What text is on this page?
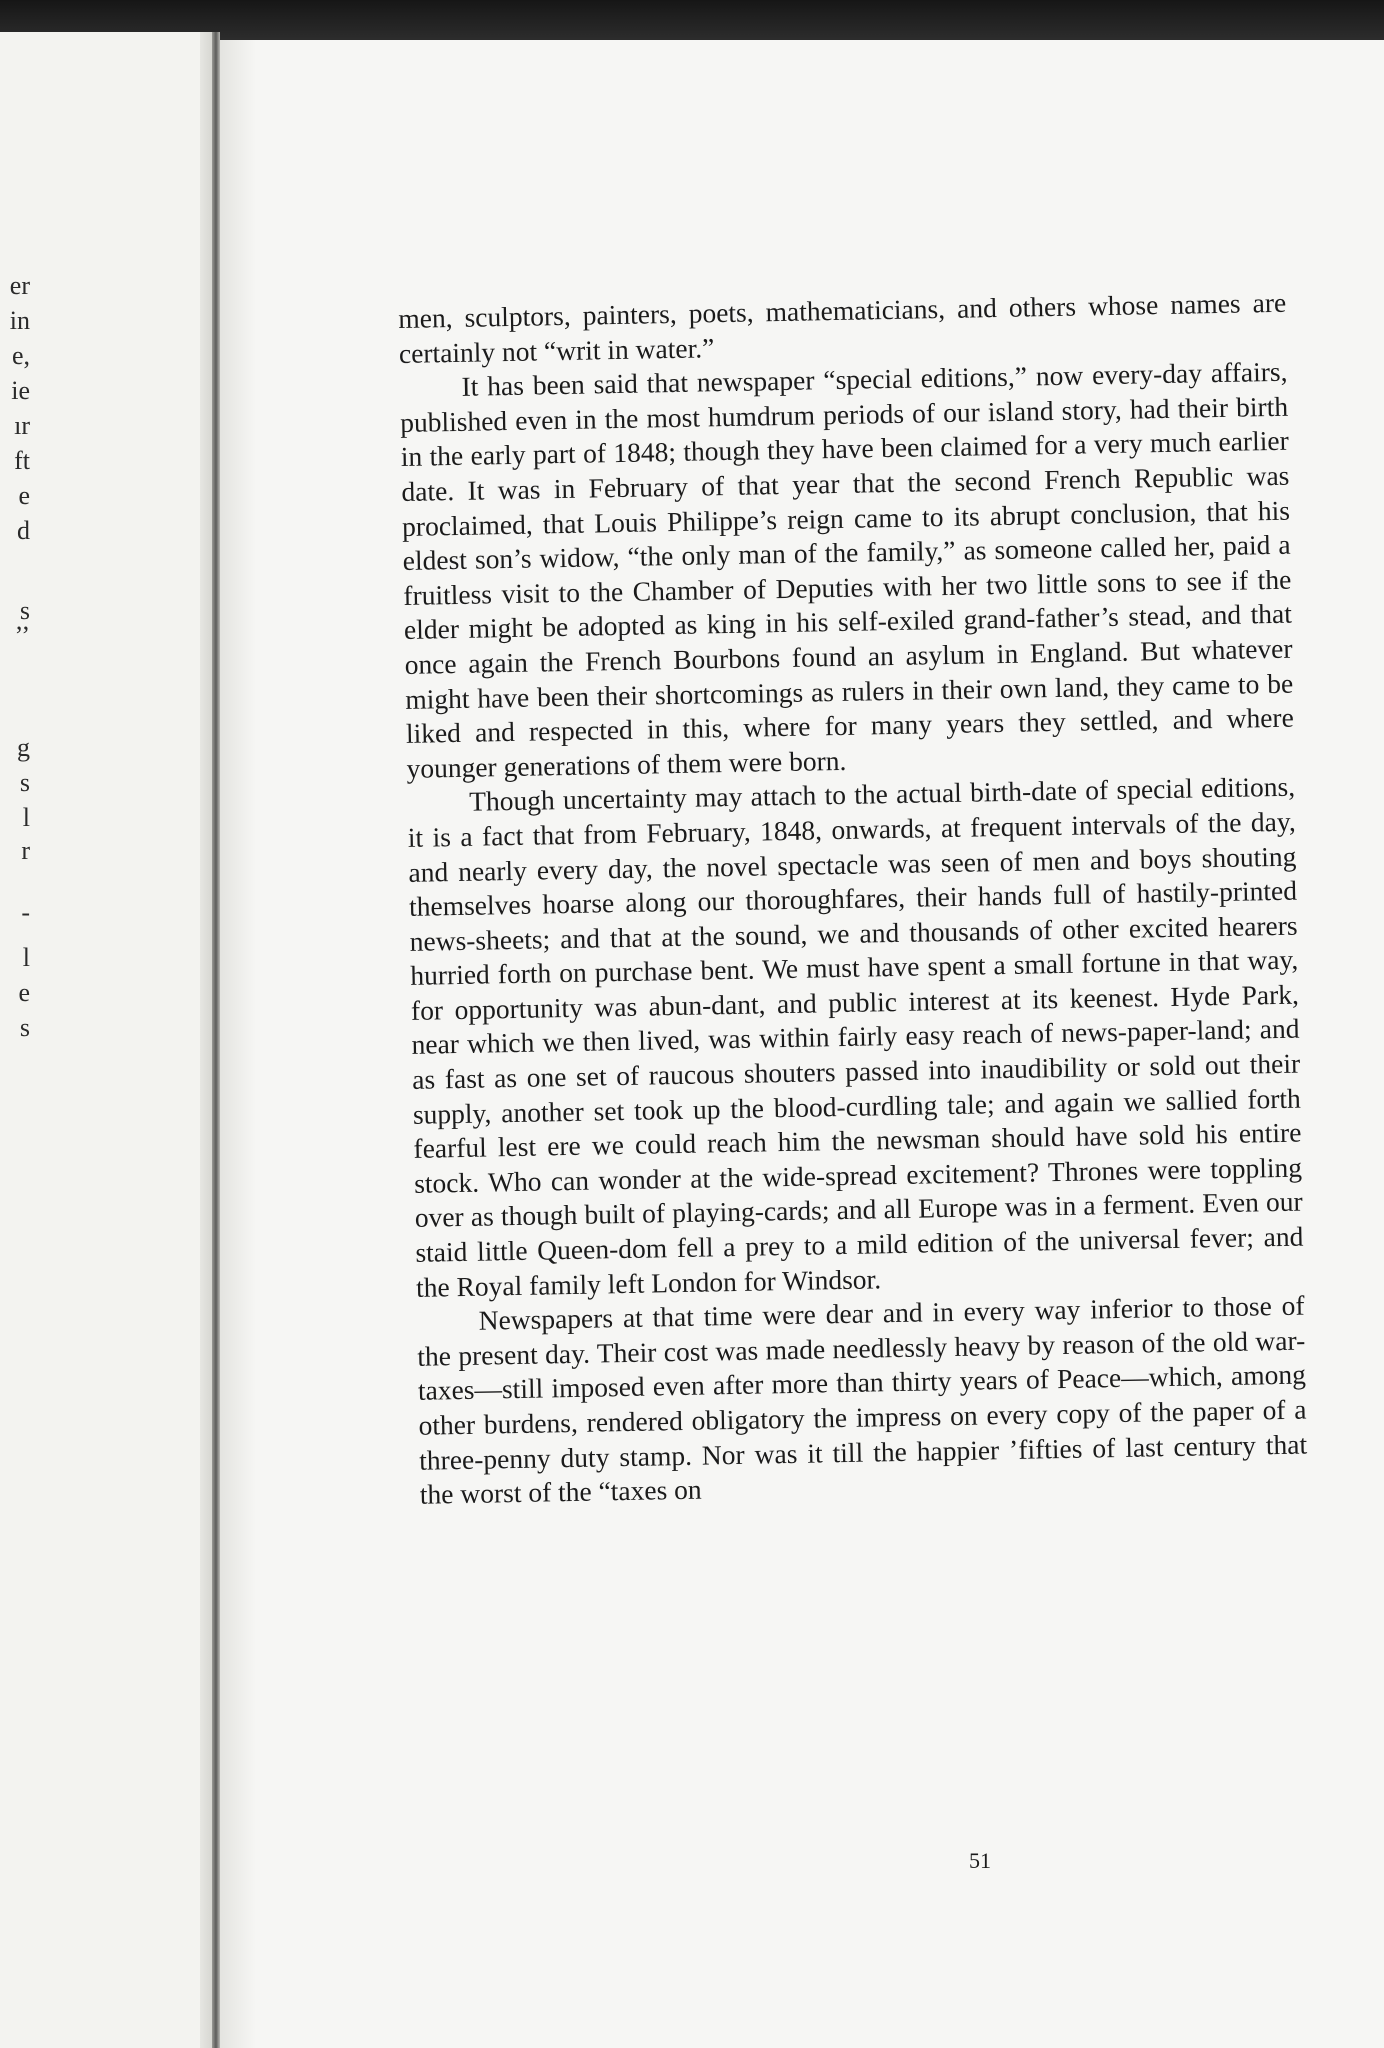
er
in
e,
ie
ır
ft
e
d
s
’’
g
s
l
r
-
l
e
s

men, sculptors, painters, poets, mathematicians, and others whose names are certainly not “writ in water.”

It has been said that newspaper “special editions,” now every-day affairs, published even in the most humdrum periods of our island story, had their birth in the early part of 1848; though they have been claimed for a very much earlier date. It was in February of that year that the second French Republic was proclaimed, that Louis Philippe’s reign came to its abrupt conclusion, that his eldest son’s widow, “the only man of the family,” as someone called her, paid a fruitless visit to the Chamber of Deputies with her two little sons to see if the elder might be adopted as king in his self-exiled grand-father’s stead, and that once again the French Bourbons found an asylum in England. But whatever might have been their shortcomings as rulers in their own land, they came to be liked and respected in this, where for many years they settled, and where younger generations of them were born.

Though uncertainty may attach to the actual birth-date of special editions, it is a fact that from February, 1848, onwards, at frequent intervals of the day, and nearly every day, the novel spectacle was seen of men and boys shouting themselves hoarse along our thoroughfares, their hands full of hastily-printed news-sheets; and that at the sound, we and thousands of other excited hearers hurried forth on purchase bent. We must have spent a small fortune in that way, for opportunity was abun-dant, and public interest at its keenest. Hyde Park, near which we then lived, was within fairly easy reach of news-paper-land; and as fast as one set of raucous shouters passed into inaudibility or sold out their supply, another set took up the blood-curdling tale; and again we sallied forth fearful lest ere we could reach him the newsman should have sold his entire stock. Who can wonder at the wide-spread excitement? Thrones were toppling over as though built of playing-cards; and all Europe was in a ferment. Even our staid little Queen-dom fell a prey to a mild edition of the universal fever; and the Royal family left London for Windsor.

Newspapers at that time were dear and in every way inferior to those of the present day. Their cost was made needlessly heavy by reason of the old war-taxes—still imposed even after more than thirty years of Peace—which, among other burdens, rendered obligatory the impress on every copy of the paper of a three-penny duty stamp. Nor was it till the happier ’fifties of last century that the worst of the “taxes on

51
